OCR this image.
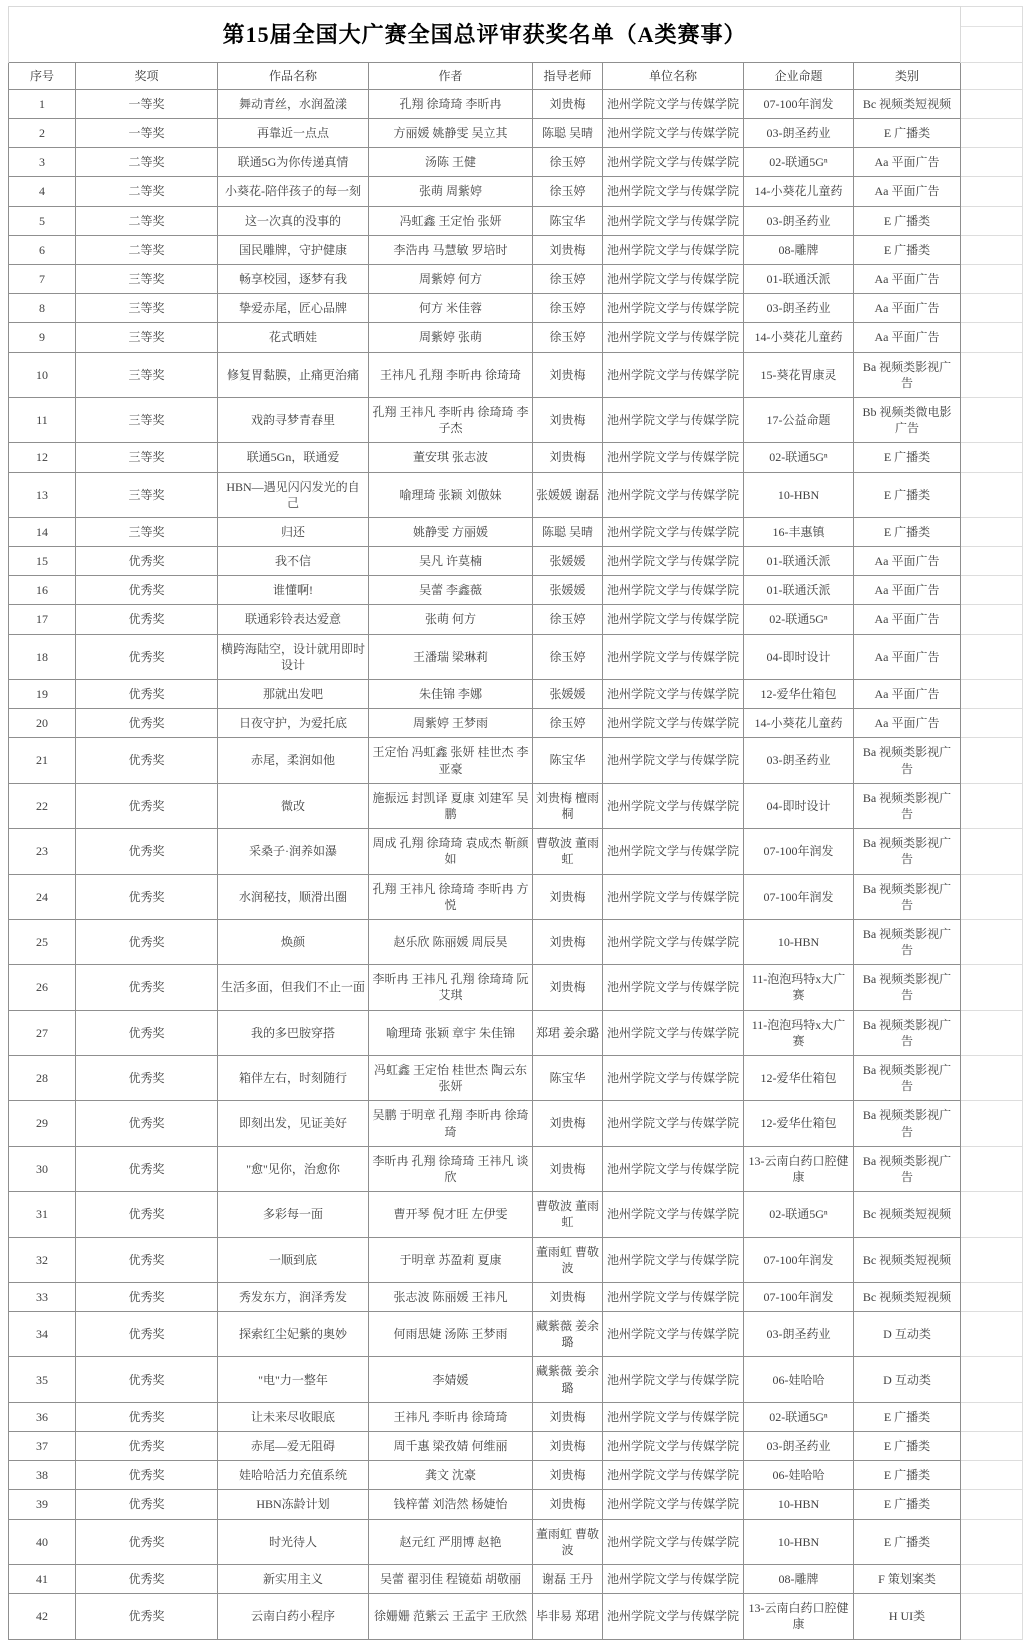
第15届全国大广赛全国总评审获奖名单（A类赛事）								
序号	奖项	作品名称	作者	指导老师	单位名称	企业命题	类别	
1	一等奖	舞动青丝，水润盈漾	孔翔 徐琦琦 李昕冉	刘贵梅	池州学院文学与传媒学院	07-100年润发	Bc 视频类短视频	
2	一等奖	再靠近一点点	方丽媛 姚静雯 吴立其	陈聪 吴晴	池州学院文学与传媒学院	03-朗圣药业	E 广播类	
3	二等奖	联通5G为你传递真情	汤陈 王健	徐玉婷	池州学院文学与传媒学院	02-联通5Gⁿ	Aa 平面广告	
4	二等奖	小葵花-陪伴孩子的每一刻	张萌 周紫婷	徐玉婷	池州学院文学与传媒学院	14-小葵花儿童药	Aa 平面广告	
5	二等奖	这一次真的没事的	冯虹鑫 王定怡 张妍	陈宝华	池州学院文学与传媒学院	03-朗圣药业	E 广播类	
6	二等奖	国民雕牌，守护健康	李浩冉 马慧敏 罗培时	刘贵梅	池州学院文学与传媒学院	08-雕牌	E 广播类	
7	三等奖	畅享校园，逐梦有我	周紫婷 何方	徐玉婷	池州学院文学与传媒学院	01-联通沃派	Aa 平面广告	
8	三等奖	挚爱赤尾，匠心品牌	何方 米佳蓉	徐玉婷	池州学院文学与传媒学院	03-朗圣药业	Aa 平面广告	
9	三等奖	花式晒娃	周紫婷 张萌	徐玉婷	池州学院文学与传媒学院	14-小葵花儿童药	Aa 平面广告	
10	三等奖	修复胃黏膜，止痛更治痛	王祎凡 孔翔 李昕冉 徐琦琦	刘贵梅	池州学院文学与传媒学院	15-葵花胃康灵	Ba 视频类影视广告	
11	三等奖	戏韵寻梦青春里	孔翔 王祎凡 李昕冉 徐琦琦 李子杰	刘贵梅	池州学院文学与传媒学院	17-公益命题	Bb 视频类微电影广告	
12	三等奖	联通5Gn，联通爱	董安琪 张志波	刘贵梅	池州学院文学与传媒学院	02-联通5Gⁿ	E 广播类	
13	三等奖	HBN—遇见闪闪发光的自己	喻理琦 张颖 刘傲妹	张媛媛 谢磊	池州学院文学与传媒学院	10-HBN	E 广播类	
14	三等奖	归还	姚静雯 方丽媛	陈聪 吴晴	池州学院文学与传媒学院	16-丰惠镇	E 广播类	
15	优秀奖	我不信	吴凡 许莫楠	张媛媛	池州学院文学与传媒学院	01-联通沃派	Aa 平面广告	
16	优秀奖	谁懂啊!	吴蕾 李鑫薇	张媛媛	池州学院文学与传媒学院	01-联通沃派	Aa 平面广告	
17	优秀奖	联通彩铃表达爱意	张萌 何方	徐玉婷	池州学院文学与传媒学院	02-联通5Gⁿ	Aa 平面广告	
18	优秀奖	横跨海陆空，设计就用即时设计	王潘瑞 梁琳莉	徐玉婷	池州学院文学与传媒学院	04-即时设计	Aa 平面广告	
19	优秀奖	那就出发吧	朱佳锦 李娜	张媛媛	池州学院文学与传媒学院	12-爱华仕箱包	Aa 平面广告	
20	优秀奖	日夜守护，为爱托底	周紫婷 王梦雨	徐玉婷	池州学院文学与传媒学院	14-小葵花儿童药	Aa 平面广告	
21	优秀奖	赤尾，柔润如他	王定怡 冯虹鑫 张妍 桂世杰 李亚豪	陈宝华	池州学院文学与传媒学院	03-朗圣药业	Ba 视频类影视广告	
22	优秀奖	微改	施振远 封凯译 夏康 刘建军 吴鹏	刘贵梅 檀雨桐	池州学院文学与传媒学院	04-即时设计	Ba 视频类影视广告	
23	优秀奖	采桑子·润养如瀑	周成 孔翔 徐琦琦 袁成杰 靳颜如	曹敬波 董雨虹	池州学院文学与传媒学院	07-100年润发	Ba 视频类影视广告	
24	优秀奖	水润秘技，顺滑出圈	孔翔 王祎凡 徐琦琦 李昕冉 方悦	刘贵梅	池州学院文学与传媒学院	07-100年润发	Ba 视频类影视广告	
25	优秀奖	焕颜	赵乐欣 陈丽媛 周辰昊	刘贵梅	池州学院文学与传媒学院	10-HBN	Ba 视频类影视广告	
26	优秀奖	生活多面，但我们不止一面	李昕冉 王祎凡 孔翔 徐琦琦 阮艾琪	刘贵梅	池州学院文学与传媒学院	11-泡泡玛特x大广赛	Ba 视频类影视广告	
27	优秀奖	我的多巴胺穿搭	喻理琦 张颖 章宇 朱佳锦	郑珺 姜余璐	池州学院文学与传媒学院	11-泡泡玛特x大广赛	Ba 视频类影视广告	
28	优秀奖	箱伴左右，时刻随行	冯虹鑫 王定怡 桂世杰 陶云东 张妍	陈宝华	池州学院文学与传媒学院	12-爱华仕箱包	Ba 视频类影视广告	
29	优秀奖	即刻出发，见证美好	吴鹏 于明章 孔翔 李昕冉 徐琦琦	刘贵梅	池州学院文学与传媒学院	12-爱华仕箱包	Ba 视频类影视广告	
30	优秀奖	"愈"见你，治愈你	李昕冉 孔翔 徐琦琦 王祎凡 谈欣	刘贵梅	池州学院文学与传媒学院	13-云南白药口腔健康	Ba 视频类影视广告	
31	优秀奖	多彩每一面	曹开琴 倪才旺 左伊雯	曹敬波 董雨虹	池州学院文学与传媒学院	02-联通5Gⁿ	Bc 视频类短视频	
32	优秀奖	一顺到底	于明章 苏盈莉 夏康	董雨虹 曹敬波	池州学院文学与传媒学院	07-100年润发	Bc 视频类短视频	
33	优秀奖	秀发东方，润泽秀发	张志波 陈丽媛 王祎凡	刘贵梅	池州学院文学与传媒学院	07-100年润发	Bc 视频类短视频	
34	优秀奖	探索红尘妃紫的奥妙	何雨思婕 汤陈 王梦雨	藏紫薇 姜余璐	池州学院文学与传媒学院	03-朗圣药业	D 互动类	
35	优秀奖	"电"力一整年	李婧媛	藏紫薇 姜余璐	池州学院文学与传媒学院	06-娃哈哈	D 互动类	
36	优秀奖	让未来尽收眼底	王祎凡 李昕冉 徐琦琦	刘贵梅	池州学院文学与传媒学院	02-联通5Gⁿ	E 广播类	
37	优秀奖	赤尾—爱无阻碍	周千惠 梁孜婧 何维丽	刘贵梅	池州学院文学与传媒学院	03-朗圣药业	E 广播类	
38	优秀奖	娃哈哈活力充值系统	龚文 沈豪	刘贵梅	池州学院文学与传媒学院	06-娃哈哈	E 广播类	
39	优秀奖	HBN冻龄计划	钱梓蕾 刘浩然 杨婕怡	刘贵梅	池州学院文学与传媒学院	10-HBN	E 广播类	
40	优秀奖	时光待人	赵元红 严朋博 赵艳	董雨虹 曹敬波	池州学院文学与传媒学院	10-HBN	E 广播类	
41	优秀奖	新实用主义	吴蕾 翟羽佳 程镜茹 胡敬丽	谢磊 王丹	池州学院文学与传媒学院	08-雕牌	F 策划案类	
42	优秀奖	云南白药小程序	徐姗姗 范紫云 王孟宇 王欣然	毕非易 郑珺	池州学院文学与传媒学院	13-云南白药口腔健康	H UI类	
